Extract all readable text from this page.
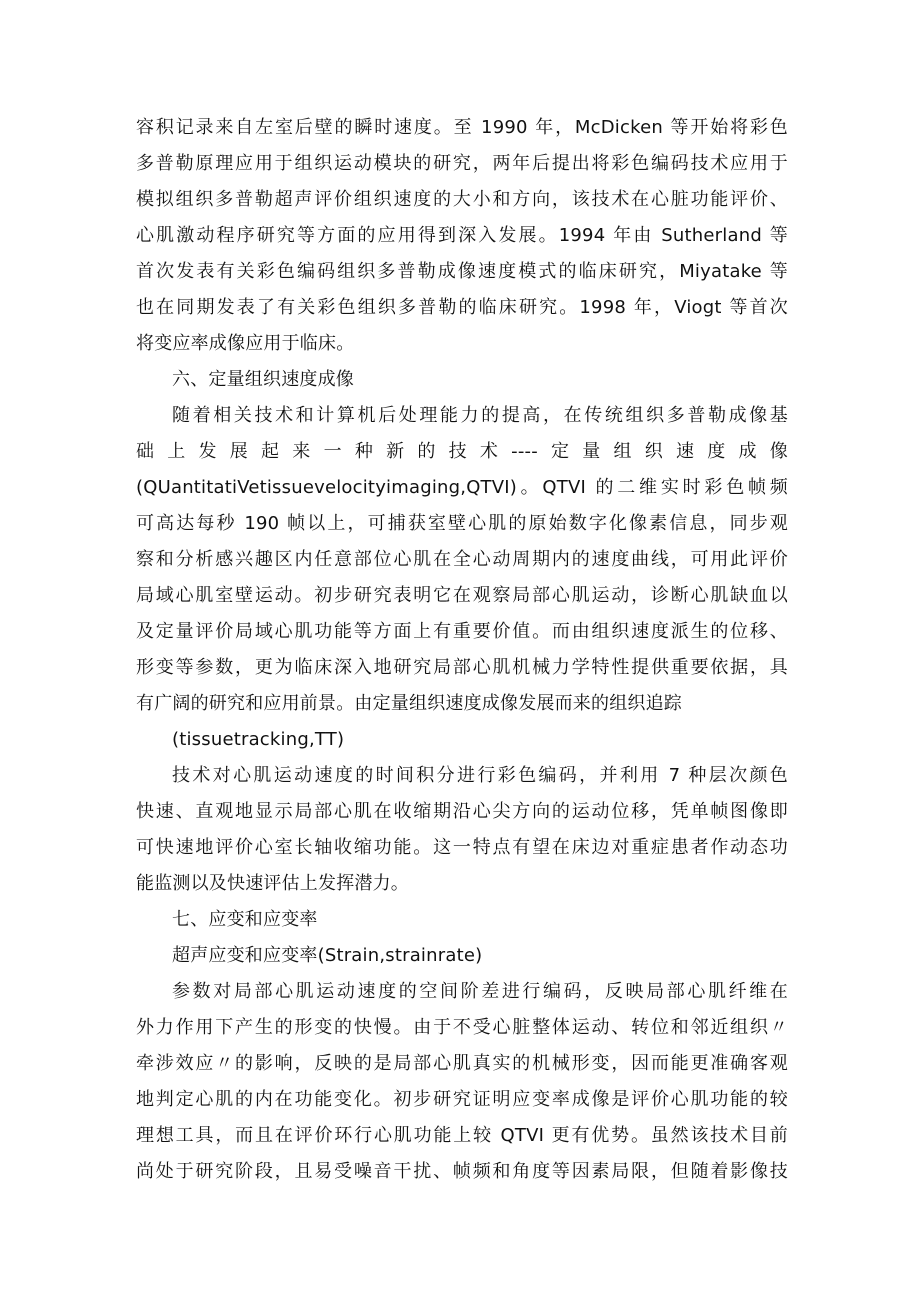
容积记录来自左室后壁的瞬时速度。至 1990 年，McDicken 等开始将彩色
多普勒原理应用于组织运动模块的研究，两年后提出将彩色编码技术应用于
模拟组织多普勒超声评价组织速度的大小和方向，该技术在心脏功能评价、
心肌激动程序研究等方面的应用得到深入发展。1994 年由 Sutherland 等
首次发表有关彩色编码组织多普勒成像速度模式的临床研究，Miyatake 等
也在同期发表了有关彩色组织多普勒的临床研究。1998 年，Viogt 等首次
将变应率成像应用于临床。
六、定量组织速度成像
随着相关技术和计算机后处理能力的提高，在传统组织多普勒成像基
础上发展起来一种新的技术----定量组织速度成像
(QUantitatiVetissuevelocityimaging,QTVI)。QTVI 的二维实时彩色帧频
可高达每秒 190 帧以上，可捕获室壁心肌的原始数字化像素信息，同步观
察和分析感兴趣区内任意部位心肌在全心动周期内的速度曲线，可用此评价
局域心肌室壁运动。初步研究表明它在观察局部心肌运动，诊断心肌缺血以
及定量评价局域心肌功能等方面上有重要价值。而由组织速度派生的位移、
形变等参数，更为临床深入地研究局部心肌机械力学特性提供重要依据，具
有广阔的研究和应用前景。由定量组织速度成像发展而来的组织追踪
(tissuetracking,TT)
技术对心肌运动速度的时间积分进行彩色编码，并利用 7 种层次颜色
快速、直观地显示局部心肌在收缩期沿心尖方向的运动位移，凭单帧图像即
可快速地评价心室长轴收缩功能。这一特点有望在床边对重症患者作动态功
能监测以及快速评估上发挥潜力。
七、应变和应变率
超声应变和应变率(Strain,strainrate)
参数对局部心肌运动速度的空间阶差进行编码，反映局部心肌纤维在
外力作用下产生的形变的快慢。由于不受心脏整体运动、转位和邻近组织〃
牵涉效应〃的影响，反映的是局部心肌真实的机械形变，因而能更准确客观
地判定心肌的内在功能变化。初步研究证明应变率成像是评价心肌功能的较
理想工具，而且在评价环行心肌功能上较 QTVI 更有优势。虽然该技术目前
尚处于研究阶段，且易受噪音干扰、帧频和角度等因素局限，但随着影像技
